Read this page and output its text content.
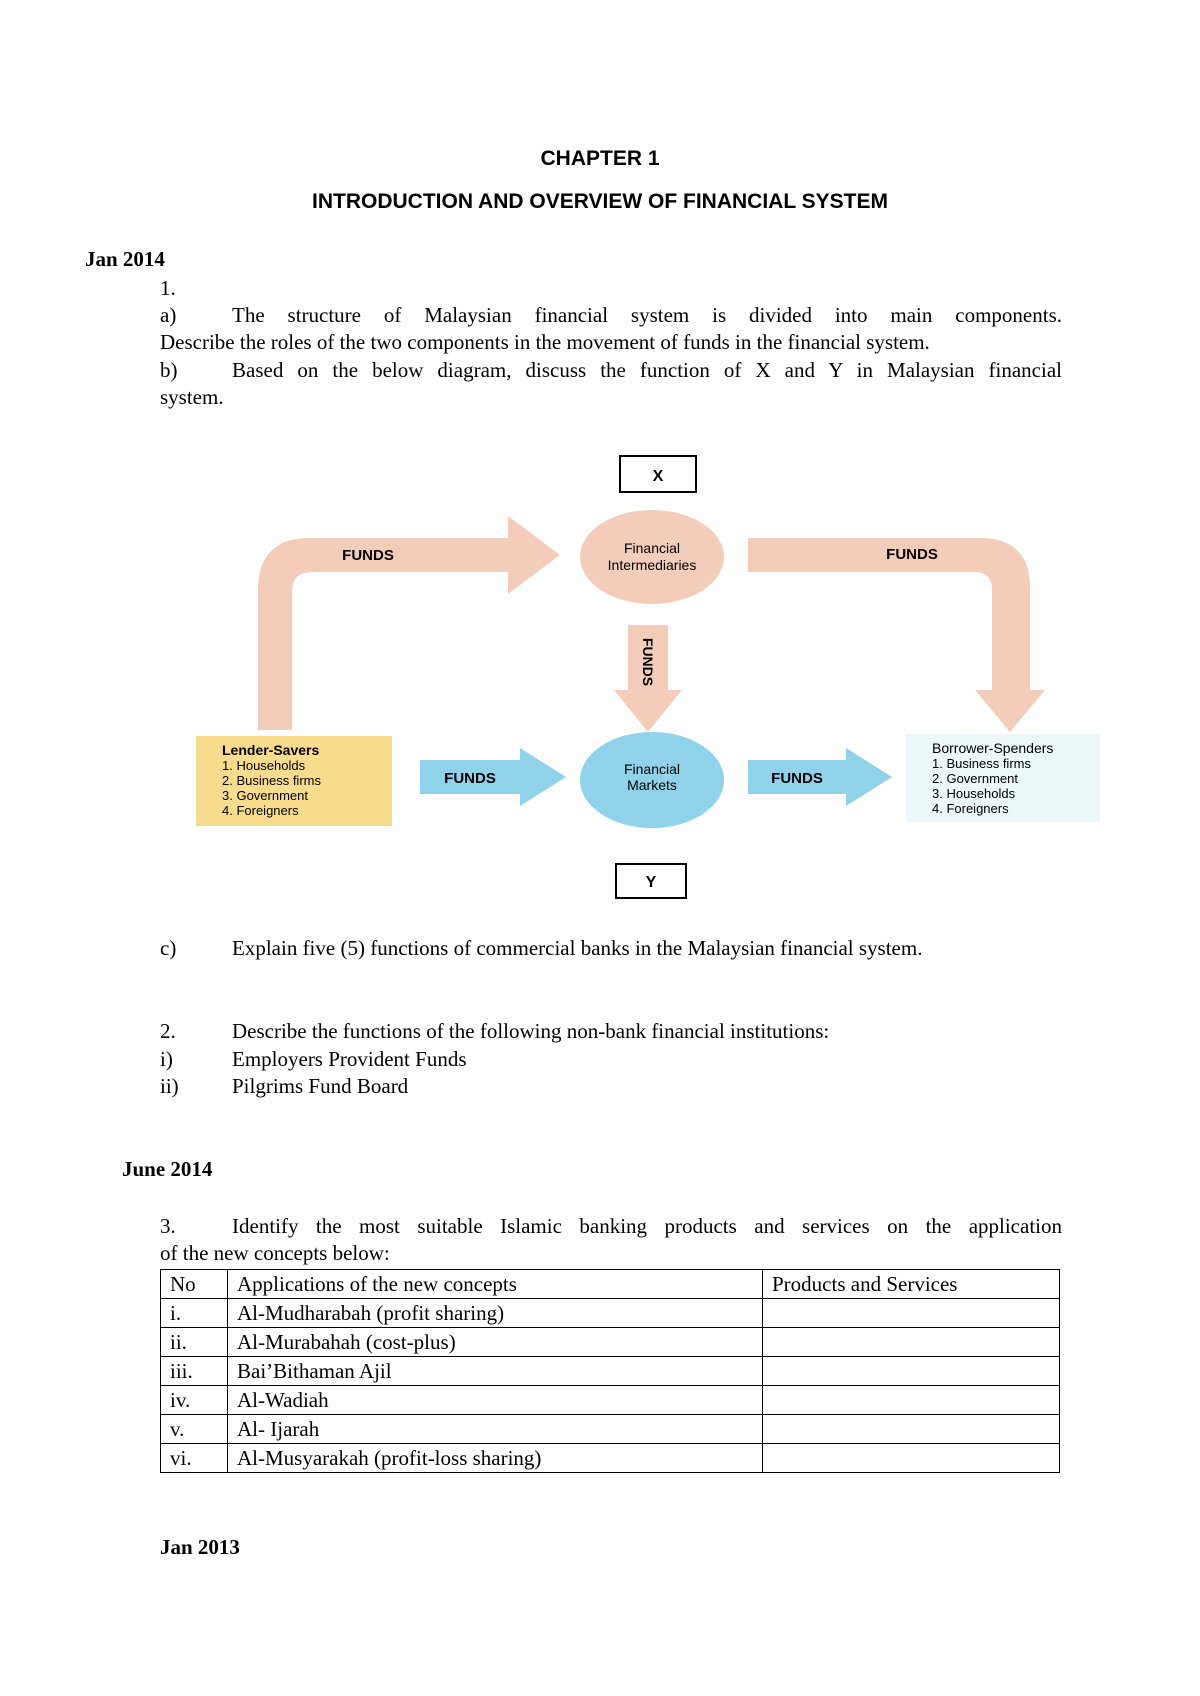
CHAPTER 1
INTRODUCTION AND OVERVIEW OF FINANCIAL SYSTEM
Jan 2014
1.
a)	The structure of Malaysian financial system is divided into main components.
Describe the roles of the two components in the movement of funds in the financial system.
b)	Based on the below diagram, discuss the function of X and Y in Malaysian financial
system.
X
FUNDS	FUNDS
Financial
Intermediaries
FUNDS
Lender-Savers
1. Households
2. Business firms
3. Government
4. Foreigners
FUNDS
Financial
Markets	FUNDS
Borrower-Spenders
1. Business firms
2. Government
3. Households
4. Foreigners
Y
c)	Explain five (5) functions of commercial banks in the Malaysian financial system.
2.	Describe the functions of the following non-bank financial institutions:
i)	Employers Provident Funds
ii)	Pilgrims Fund Board
June 2014
3.	Identify the most suitable Islamic banking products and services on the application
of the new concepts below:
No	Applications of the new concepts	Products and Services
i.	Al-Mudharabah (profit sharing)	
ii.	Al-Murabahah (cost-plus)	
iii.	Bai’Bithaman Ajil	
iv.	Al-Wadiah	
v.	Al- Ijarah	
vi.	Al-Musyarakah (profit-loss sharing)	
Jan 2013
